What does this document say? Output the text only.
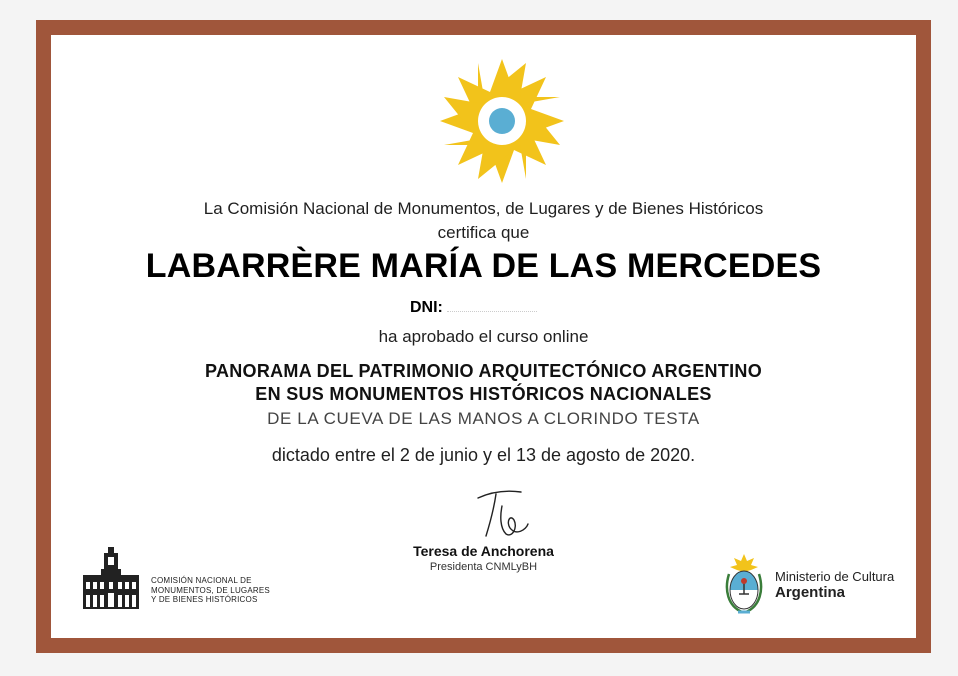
La Comisión Nacional de Monumentos, de Lugares y de Bienes Históricos
certifica que
LABARRÈRE MARÍA DE LAS MERCEDES
DNI:
ha aprobado el curso online
PANORAMA DEL PATRIMONIO ARQUITECTÓNICO ARGENTINO
EN SUS MONUMENTOS HISTÓRICOS NACIONALES
DE LA CUEVA DE LAS MANOS A CLORINDO TESTA
dictado entre el 2 de junio y el 13 de agosto de 2020.
Teresa de Anchorena
Presidenta CNMLyBH
COMISIÓN NACIONAL DE
MONUMENTOS, DE LUGARES
Y DE BIENES HISTÓRICOS
Ministerio de Cultura
Argentina
